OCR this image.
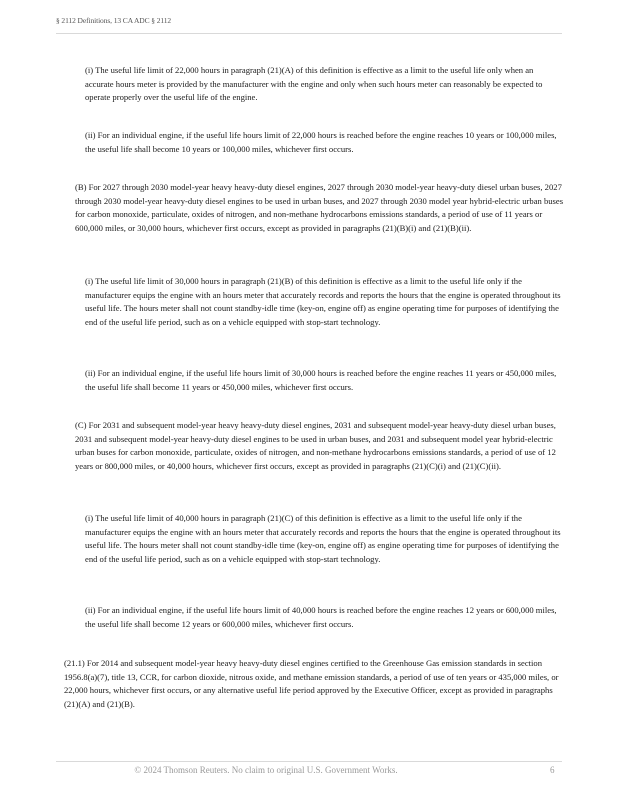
§ 2112 Definitions, 13 CA ADC § 2112
(i) The useful life limit of 22,000 hours in paragraph (21)(A) of this definition is effective as a limit to the useful life only when an accurate hours meter is provided by the manufacturer with the engine and only when such hours meter can reasonably be expected to operate properly over the useful life of the engine.
(ii) For an individual engine, if the useful life hours limit of 22,000 hours is reached before the engine reaches 10 years or 100,000 miles, the useful life shall become 10 years or 100,000 miles, whichever first occurs.
(B) For 2027 through 2030 model-year heavy heavy-duty diesel engines, 2027 through 2030 model-year heavy-duty diesel urban buses, 2027 through 2030 model-year heavy-duty diesel engines to be used in urban buses, and 2027 through 2030 model year hybrid-electric urban buses for carbon monoxide, particulate, oxides of nitrogen, and non-methane hydrocarbons emissions standards, a period of use of 11 years or 600,000 miles, or 30,000 hours, whichever first occurs, except as provided in paragraphs (21)(B)(i) and (21)(B)(ii).
(i) The useful life limit of 30,000 hours in paragraph (21)(B) of this definition is effective as a limit to the useful life only if the manufacturer equips the engine with an hours meter that accurately records and reports the hours that the engine is operated throughout its useful life. The hours meter shall not count standby-idle time (key-on, engine off) as engine operating time for purposes of identifying the end of the useful life period, such as on a vehicle equipped with stop-start technology.
(ii) For an individual engine, if the useful life hours limit of 30,000 hours is reached before the engine reaches 11 years or 450,000 miles, the useful life shall become 11 years or 450,000 miles, whichever first occurs.
(C) For 2031 and subsequent model-year heavy heavy-duty diesel engines, 2031 and subsequent model-year heavy-duty diesel urban buses, 2031 and subsequent model-year heavy-duty diesel engines to be used in urban buses, and 2031 and subsequent model year hybrid-electric urban buses for carbon monoxide, particulate, oxides of nitrogen, and non-methane hydrocarbons emissions standards, a period of use of 12 years or 800,000 miles, or 40,000 hours, whichever first occurs, except as provided in paragraphs (21)(C)(i) and (21)(C)(ii).
(i) The useful life limit of 40,000 hours in paragraph (21)(C) of this definition is effective as a limit to the useful life only if the manufacturer equips the engine with an hours meter that accurately records and reports the hours that the engine is operated throughout its useful life. The hours meter shall not count standby-idle time (key-on, engine off) as engine operating time for purposes of identifying the end of the useful life period, such as on a vehicle equipped with stop-start technology.
(ii) For an individual engine, if the useful life hours limit of 40,000 hours is reached before the engine reaches 12 years or 600,000 miles, the useful life shall become 12 years or 600,000 miles, whichever first occurs.
(21.1) For 2014 and subsequent model-year heavy heavy-duty diesel engines certified to the Greenhouse Gas emission standards in section 1956.8(a)(7), title 13, CCR, for carbon dioxide, nitrous oxide, and methane emission standards, a period of use of ten years or 435,000 miles, or 22,000 hours, whichever first occurs, or any alternative useful life period approved by the Executive Officer, except as provided in paragraphs (21)(A) and (21)(B).
© 2024 Thomson Reuters. No claim to original U.S. Government Works.	6
